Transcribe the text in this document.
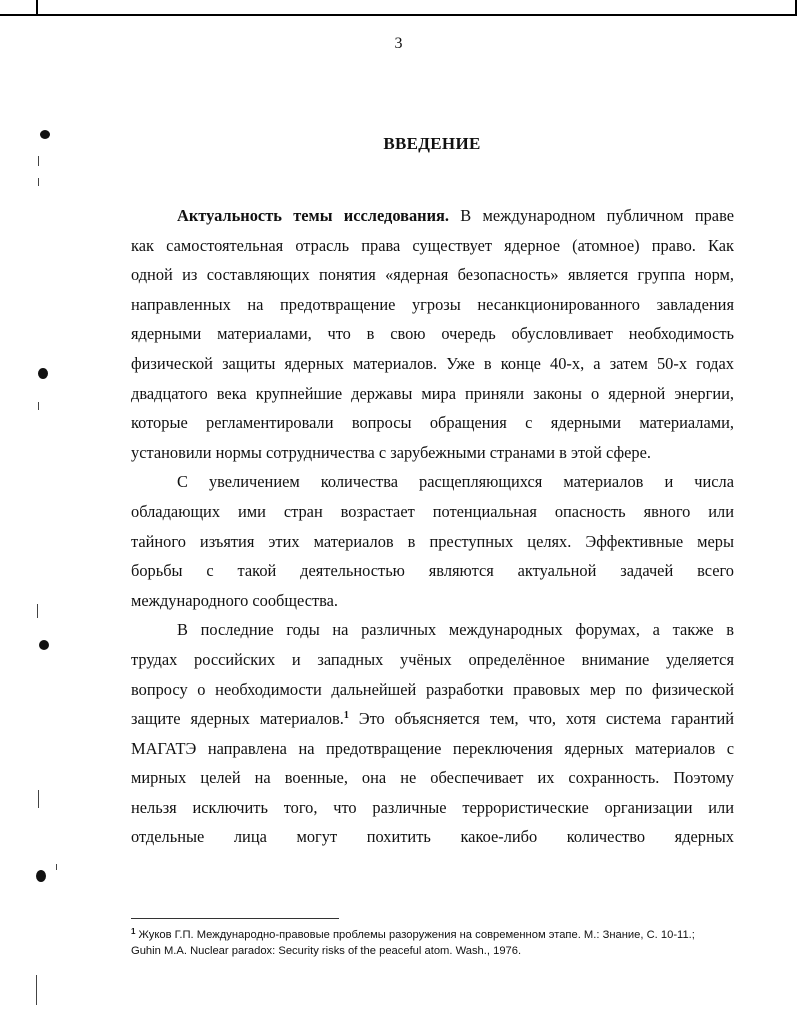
3
ВВЕДЕНИЕ
Актуальность темы исследования. В международном публичном праве
как самостоятельная отрасль права существует ядерное (атомное) право. Как
одной из составляющих понятия «ядерная безопасность» является группа норм,
направленных на предотвращение угрозы несанкционированного завладения
ядерными материалами, что в свою очередь обусловливает необходимость
физической защиты ядерных материалов. Уже в конце 40-х, а затем 50-х годах
двадцатого века крупнейшие державы мира приняли законы о ядерной энергии,
которые регламентировали вопросы обращения с ядерными материалами,
установили нормы сотрудничества с зарубежными странами в этой сфере.
С увеличением количества расщепляющихся материалов и числа
обладающих ими стран возрастает потенциальная опасность явного или
тайного изъятия этих материалов в преступных целях. Эффективные меры
борьбы с такой деятельностью являются актуальной задачей всего
международного сообщества.
В последние годы на различных международных форумах, а также в
трудах российских и западных учёных определённое внимание уделяется
вопросу о необходимости дальнейшей разработки правовых мер по физической
защите ядерных материалов.$^1$ Это объясняется тем, что, хотя система гарантий
МАГАТЭ направлена на предотвращение переключения ядерных материалов с
мирных целей на военные, она не обеспечивает их сохранность. Поэтому
нельзя исключить того, что различные террористические организации или
отдельные лица могут похитить какое-либо количество ядерных
$^1$ Жуков Г.П. Международно-правовые проблемы разоружения на современном этапе. М.: Знание, С. 10-11.;
Guhin M.A. Nuclear paradox: Security risks of the peaceful atom. Wash., 1976.
